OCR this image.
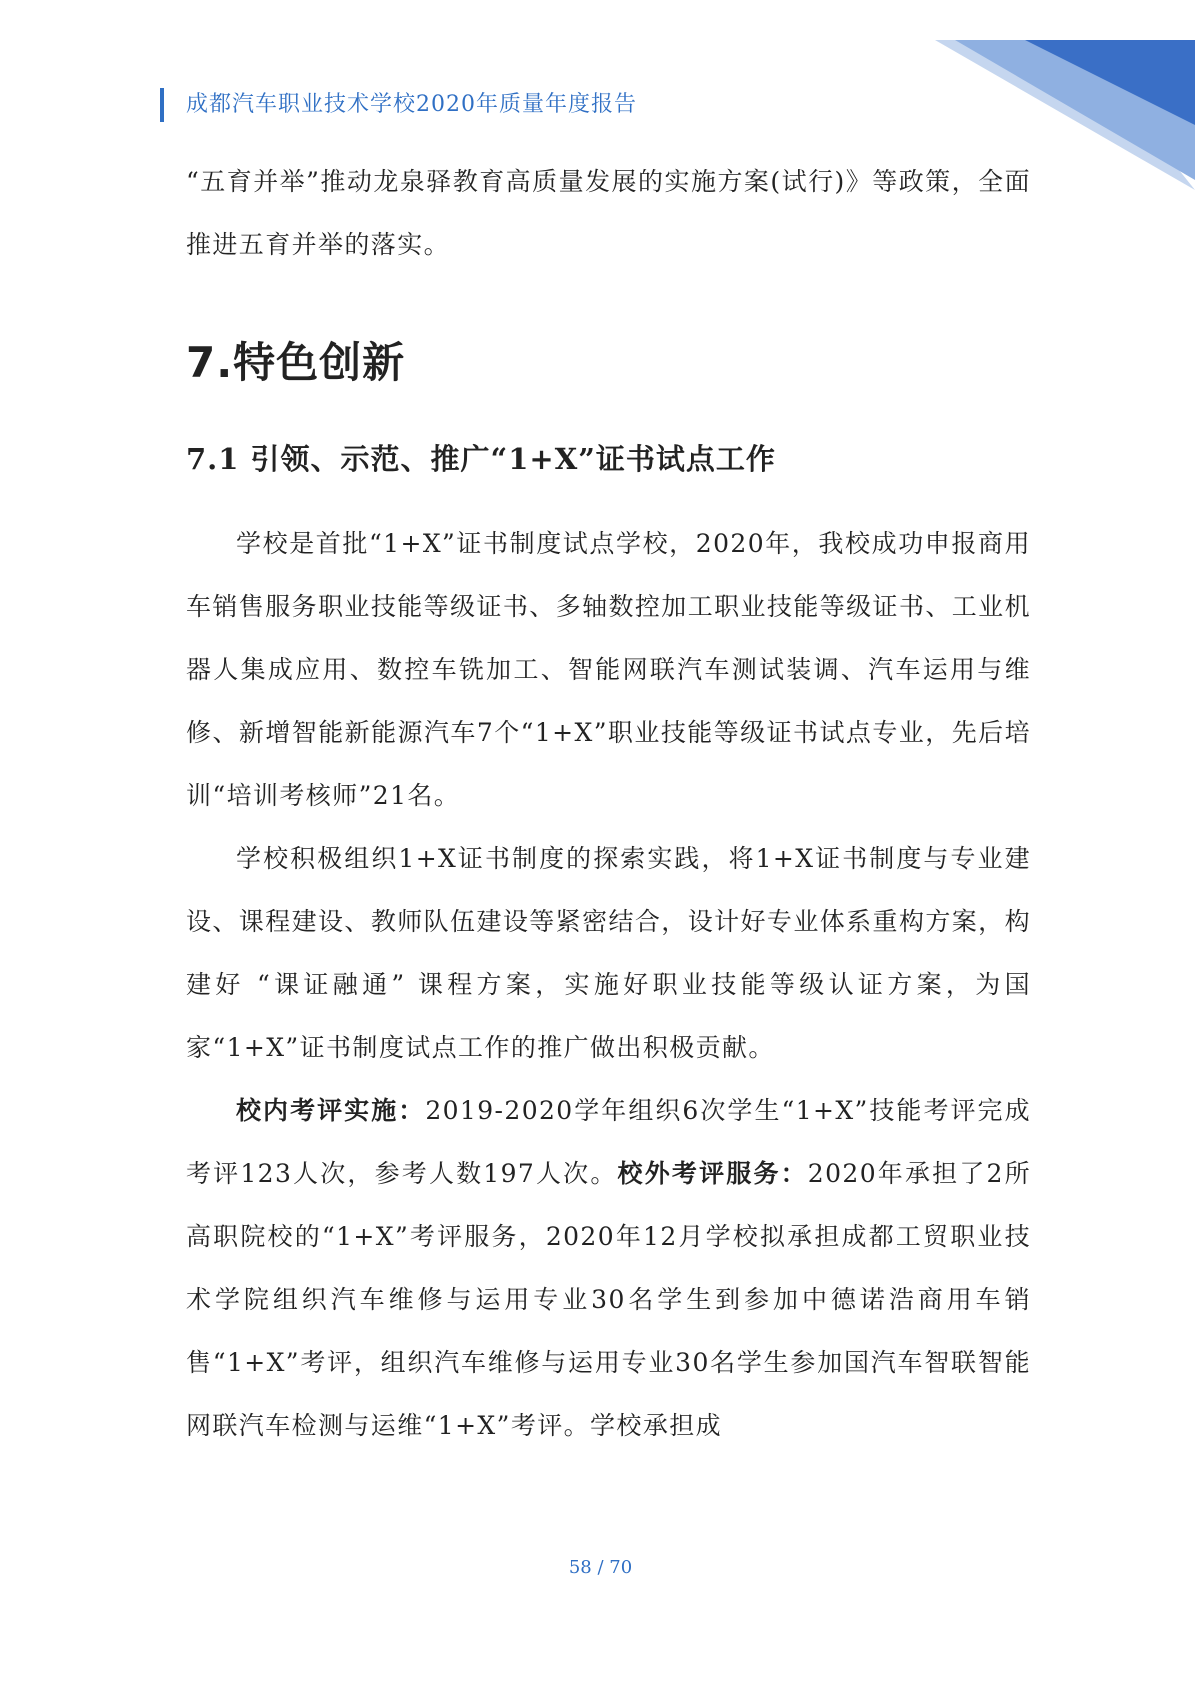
成都汽车职业技术学校2020年质量年度报告

“五育并举”推动龙泉驿教育高质量发展的实施方案(试行)》等政策，全面推进五育并举的落实。

7.特色创新
7.1 引领、示范、推广“1+X”证书试点工作

学校是首批“1+X”证书制度试点学校，2020年，我校成功申报商用车销售服务职业技能等级证书、多轴数控加工职业技能等级证书、工业机器人集成应用、数控车铣加工、智能网联汽车测试装调、汽车运用与维修、新增智能新能源汽车7个“1+X”职业技能等级证书试点专业，先后培训“培训考核师”21名。

学校积极组织1+X证书制度的探索实践，将1+X证书制度与专业建设、课程建设、教师队伍建设等紧密结合，设计好专业体系重构方案，构建好 “课证融通” 课程方案，实施好职业技能等级认证方案，为国家“1+X”证书制度试点工作的推广做出积极贡献。

校内考评实施：2019-2020学年组织6次学生“1+X”技能考评完成考评123人次，参考人数197人次。校外考评服务：2020年承担了2所高职院校的“1+X”考评服务，2020年12月学校拟承担成都工贸职业技术学院组织汽车维修与运用专业30名学生到参加中德诺浩商用车销售“1+X”考评，组织汽车维修与运用专业30名学生参加国汽车智联智能网联汽车检测与运维“1+X”考评。学校承担成

58 / 70
